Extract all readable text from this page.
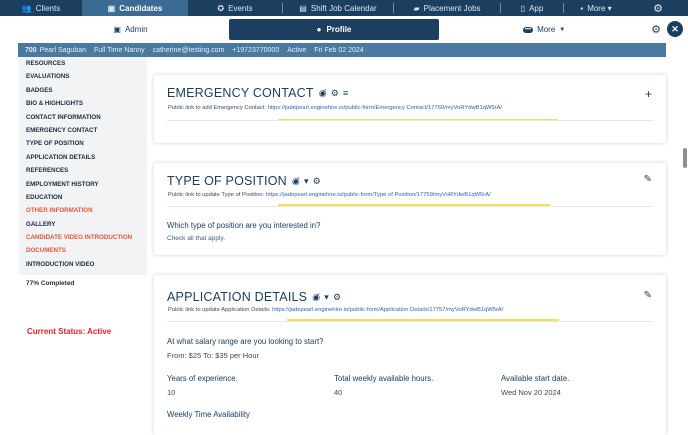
👥 Clients	▣ Candidates	✪ Events	▤ Shift Job Calendar	▰ Placement Jobs	▯ App	▪ More ▾	⚙
▣ Admin	● Profile	••• More ▼	⚙	✕
700 Pearl Saguban Full Time Nanny catherine@testing.com +19723770000 Active Fri Feb 02 2024
RESOURCES
EVALUATIONS
BADGES
BIO & HIGHLIGHTS
CONTACT INFORMATION
EMERGENCY CONTACT
TYPE OF POSITION
APPLICATION DETAILS
REFERENCES
EMPLOYMENT HISTORY
EDUCATION
OTHER INFORMATION
GALLERY
CANDIDATE VIDEO INTRODUCTION
DOCUMENTS
INTRODUCTION VIDEO
77% Completed
Current Status: Active
EMERGENCY CONTACT ◉̸ ⚙ ≡
Public link to add Emergency Contact: https://jadepearl.enginehire.io/public-form/Emergency Contact/17760/myVoRYdwB1qW5rA/
+
TYPE OF POSITION ◉̸ ▾ ⚙
Public link to update Type of Position: https://jadepearl.enginehire.io/public-form/Type of Position/17759/myVoRYdwB1qW5rA/
✎
Which type of position are you interested in?
Check all that apply.
APPLICATION DETAILS ◉̸ ▾ ⚙
Public link to update Application Details: https://jadepearl.enginehire.io/public-form/Application Details/17757/myVoRYdwB1qW5rA/
✎
At what salary range are you looking to start?
From: $25 To: $35 per Hour
Years of experience.
10
Total weekly available hours.
40
Available start date.
Wed Nov 20 2024
Weekly Time Availability
